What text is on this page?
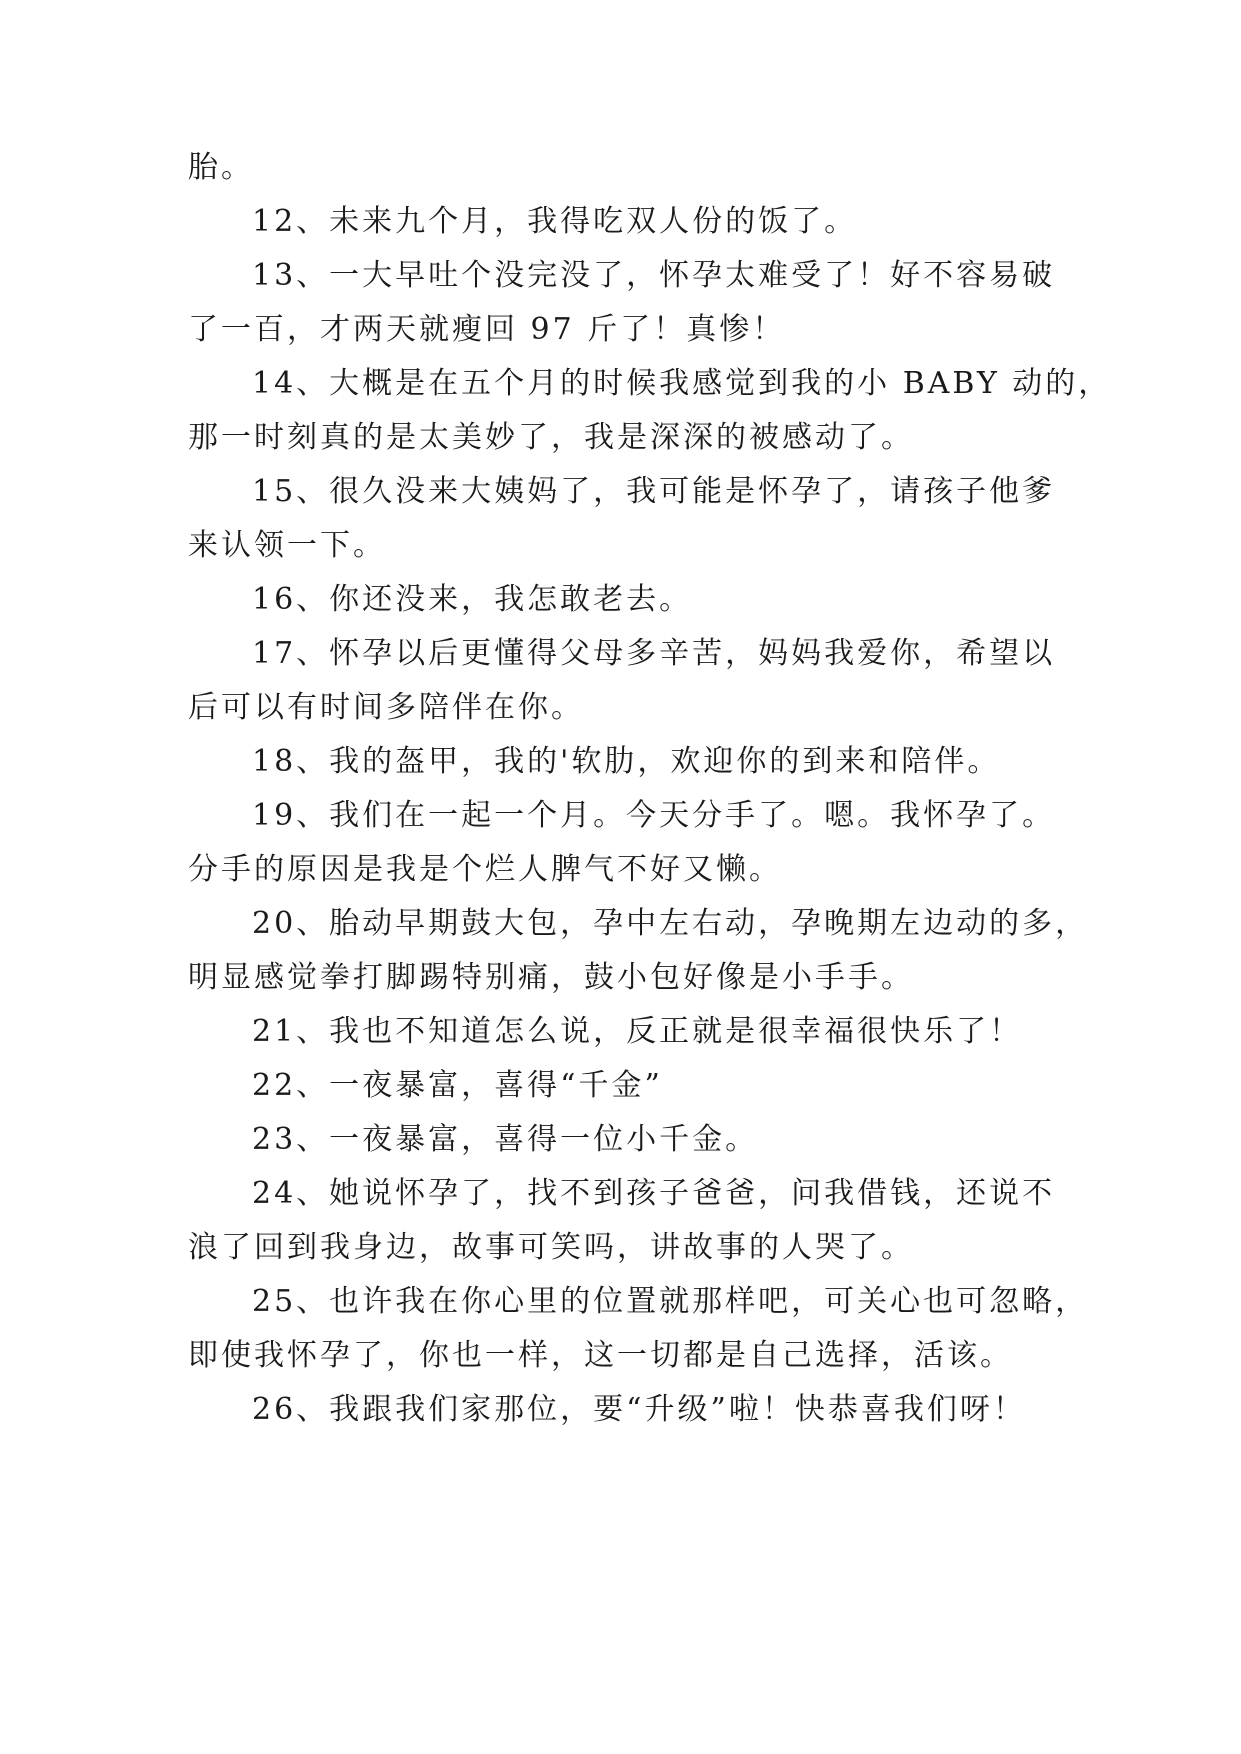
胎。
12、未来九个月，我得吃双人份的饭了。
13、一大早吐个没完没了，怀孕太难受了！好不容易破
了一百，才两天就瘦回 97 斤了！真惨！
14、大概是在五个月的时候我感觉到我的小 BABY 动的，
那一时刻真的是太美妙了，我是深深的被感动了。
15、很久没来大姨妈了，我可能是怀孕了，请孩子他爹
来认领一下。
16、你还没来，我怎敢老去。
17、怀孕以后更懂得父母多辛苦，妈妈我爱你，希望以
后可以有时间多陪伴在你。
18、我的盔甲，我的'软肋，欢迎你的到来和陪伴。
19、我们在一起一个月。今天分手了。嗯。我怀孕了。
分手的原因是我是个烂人脾气不好又懒。
20、胎动早期鼓大包，孕中左右动，孕晚期左边动的多，
明显感觉拳打脚踢特别痛，鼓小包好像是小手手。
21、我也不知道怎么说，反正就是很幸福很快乐了！
22、一夜暴富，喜得“千金”
23、一夜暴富，喜得一位小千金。
24、她说怀孕了，找不到孩子爸爸，问我借钱，还说不
浪了回到我身边，故事可笑吗，讲故事的人哭了。
25、也许我在你心里的位置就那样吧，可关心也可忽略，
即使我怀孕了，你也一样，这一切都是自己选择，活该。
26、我跟我们家那位，要“升级”啦！快恭喜我们呀！
